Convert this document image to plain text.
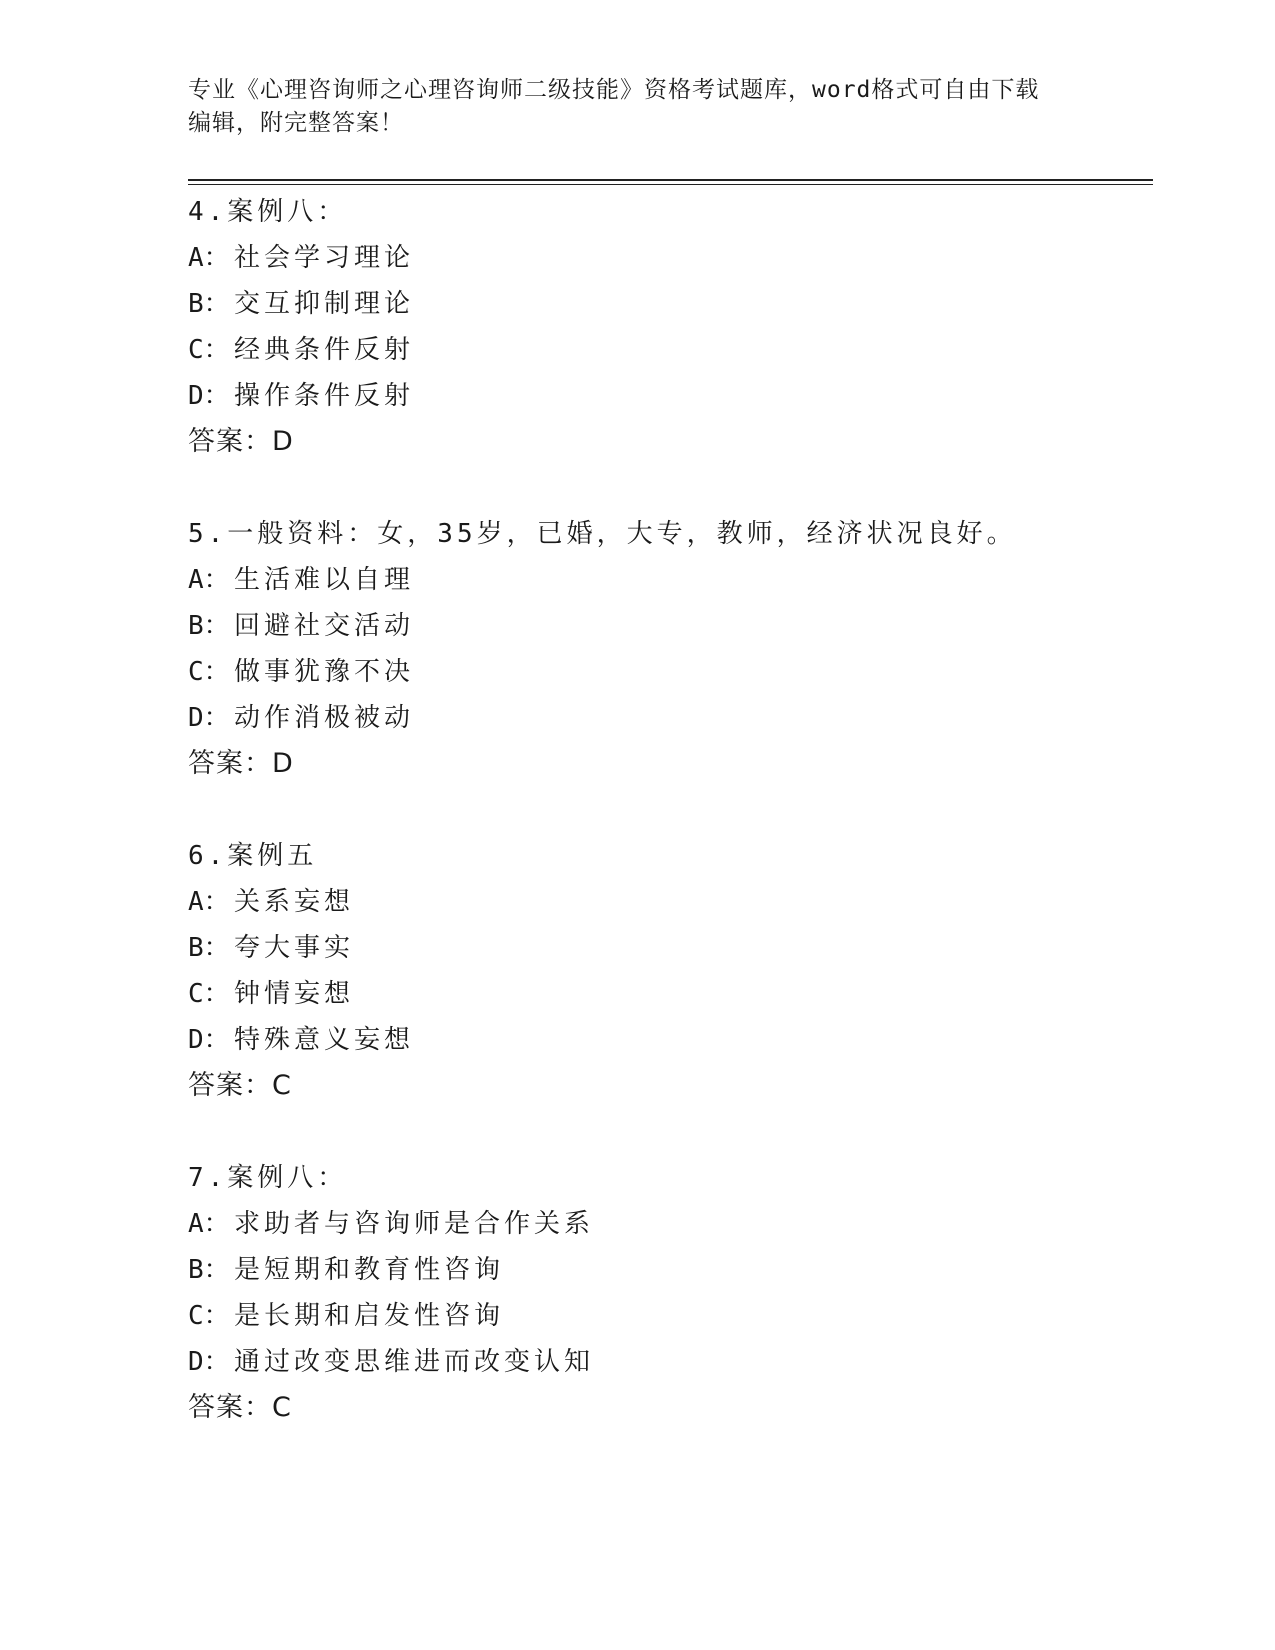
专业《心理咨询师之心理咨询师二级技能》资格考试题库，word格式可自由下载
编辑，附完整答案！
4.案例八：
A： 社会学习理论
B： 交互抑制理论
C： 经典条件反射
D： 操作条件反射
答案：D
5.一般资料：女，35岁，已婚，大专，教师，经济状况良好。
A： 生活难以自理
B： 回避社交活动
C： 做事犹豫不决
D： 动作消极被动
答案：D
6.案例五
A： 关系妄想
B： 夸大事实
C： 钟情妄想
D： 特殊意义妄想
答案：C
7.案例八：
A： 求助者与咨询师是合作关系
B： 是短期和教育性咨询
C： 是长期和启发性咨询
D： 通过改变思维进而改变认知
答案：C
